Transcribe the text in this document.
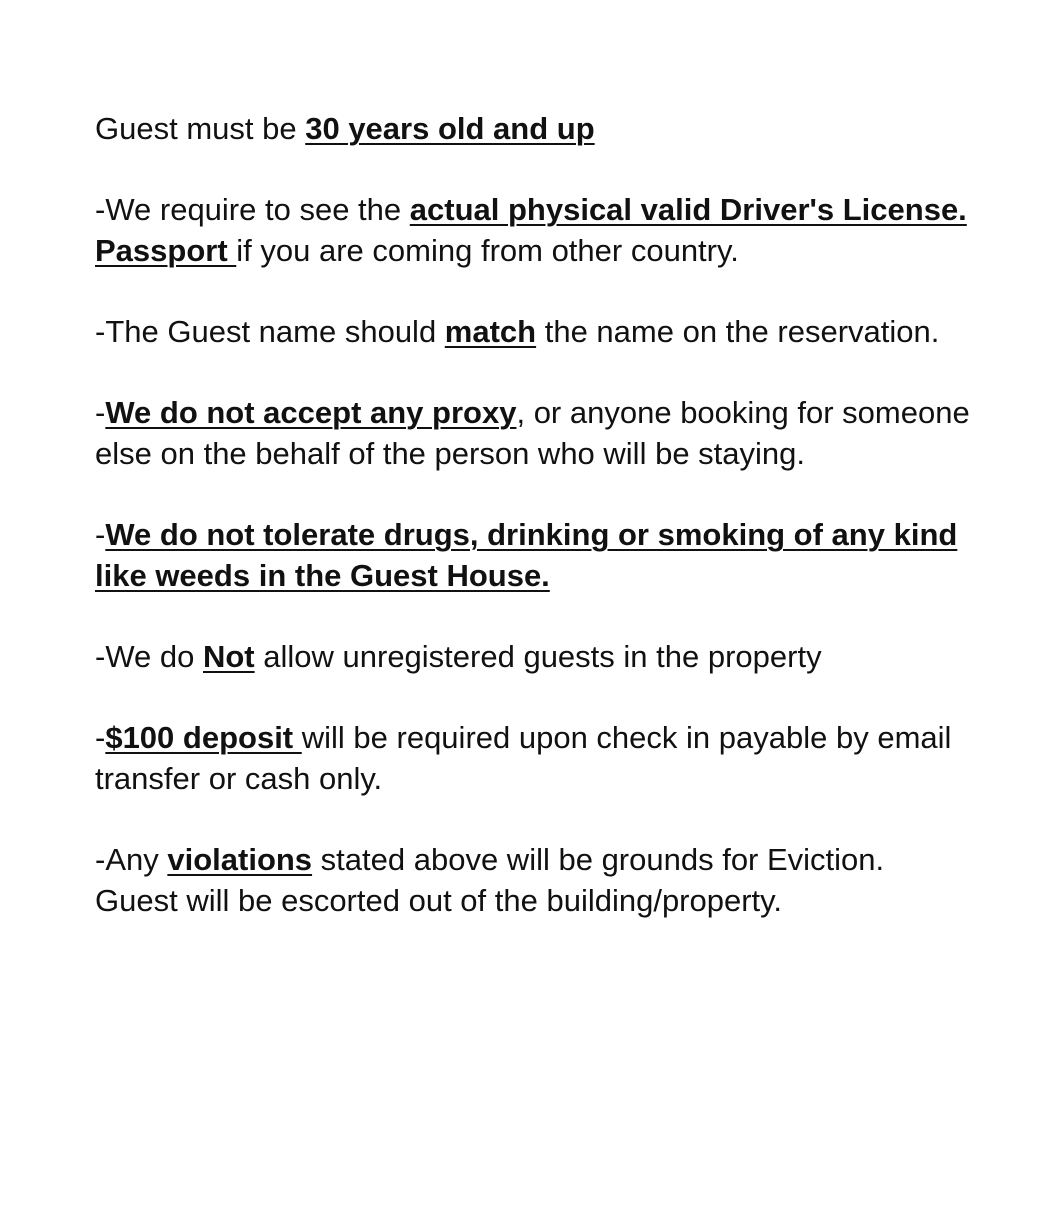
Guest must be 30 years old and up

-We require to see the actual physical valid Driver's License. Passport if you are coming from other country.

-The Guest name should match the name on the reservation.

-We do not accept any proxy, or anyone booking for someone else on the behalf of the person who will be staying.

-We do not tolerate drugs, drinking or smoking of any kind like weeds in the Guest House.

-We do Not allow unregistered guests in the property

-$100 deposit will be required upon check in payable by email transfer or cash only.

-Any violations stated above will be grounds for Eviction. Guest will be escorted out of the building/property.
